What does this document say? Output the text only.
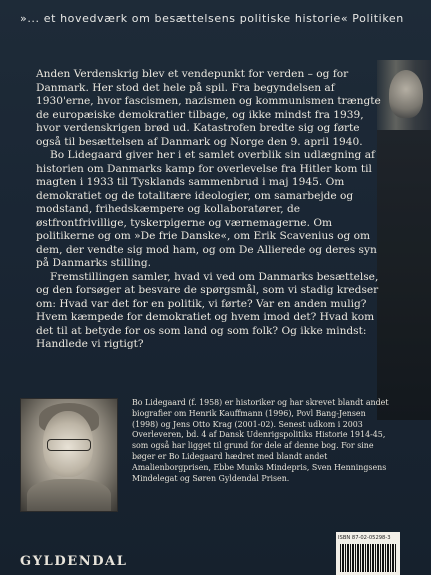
»... et hovedværk om besættelsens politiske historie« Politiken

Anden Verdenskrig blev et vendepunkt for verden – og for Danmark. Her stod det hele på spil. Fra begyndelsen af 1930'erne, hvor fascismen, nazismen og kommunismen trængte de europæiske demokratier tilbage, og ikke mindst fra 1939, hvor verdenskrigen brød ud. Katastrofen bredte sig og førte også til besættelsen af Danmark og Norge den 9. april 1940.

Bo Lidegaard giver her i et samlet overblik sin udlægning af historien om Danmarks kamp for overlevelse fra Hitler kom til magten i 1933 til Tysklands sammenbrud i maj 1945. Om demokratiet og de totalitære ideologier, om samarbejde og modstand, frihedskæmpere og kollaboratører, de østfrontfrivillige, tyskerpigerne og værnemagerne. Om politikerne og om »De frie Danske«, om Erik Scavenius og om dem, der vendte sig mod ham, og om De Allierede og deres syn på Danmarks stilling.

Fremstillingen samler, hvad vi ved om Danmarks besættelse, og den forsøger at besvare de spørgsmål, som vi stadig kredser om: Hvad var det for en politik, vi førte? Var en anden mulig? Hvem kæmpede for demokratiet og hvem imod det? Hvad kom det til at betyde for os som land og som folk? Og ikke mindst: Handlede vi rigtigt?

Bo Lidegaard (f. 1958) er historiker og har skrevet blandt andet biografier om Henrik Kauffmann (1996), Povl Bang-Jensen (1998) og Jens Otto Krag (2001-02). Senest udkom i 2003 Overleveren, bd. 4 af Dansk Udenrigspolitiks Historie 1914-45, som også har ligget til grund for dele af denne bog. For sine bøger er Bo Lidegaard hædret med blandt andet Amalienborgprisen, Ebbe Munks Mindepris, Sven Henningsens Mindelegat og Søren Gyldendal Prisen.

GYLDENDAL
ISBN 87-02-05298-3
